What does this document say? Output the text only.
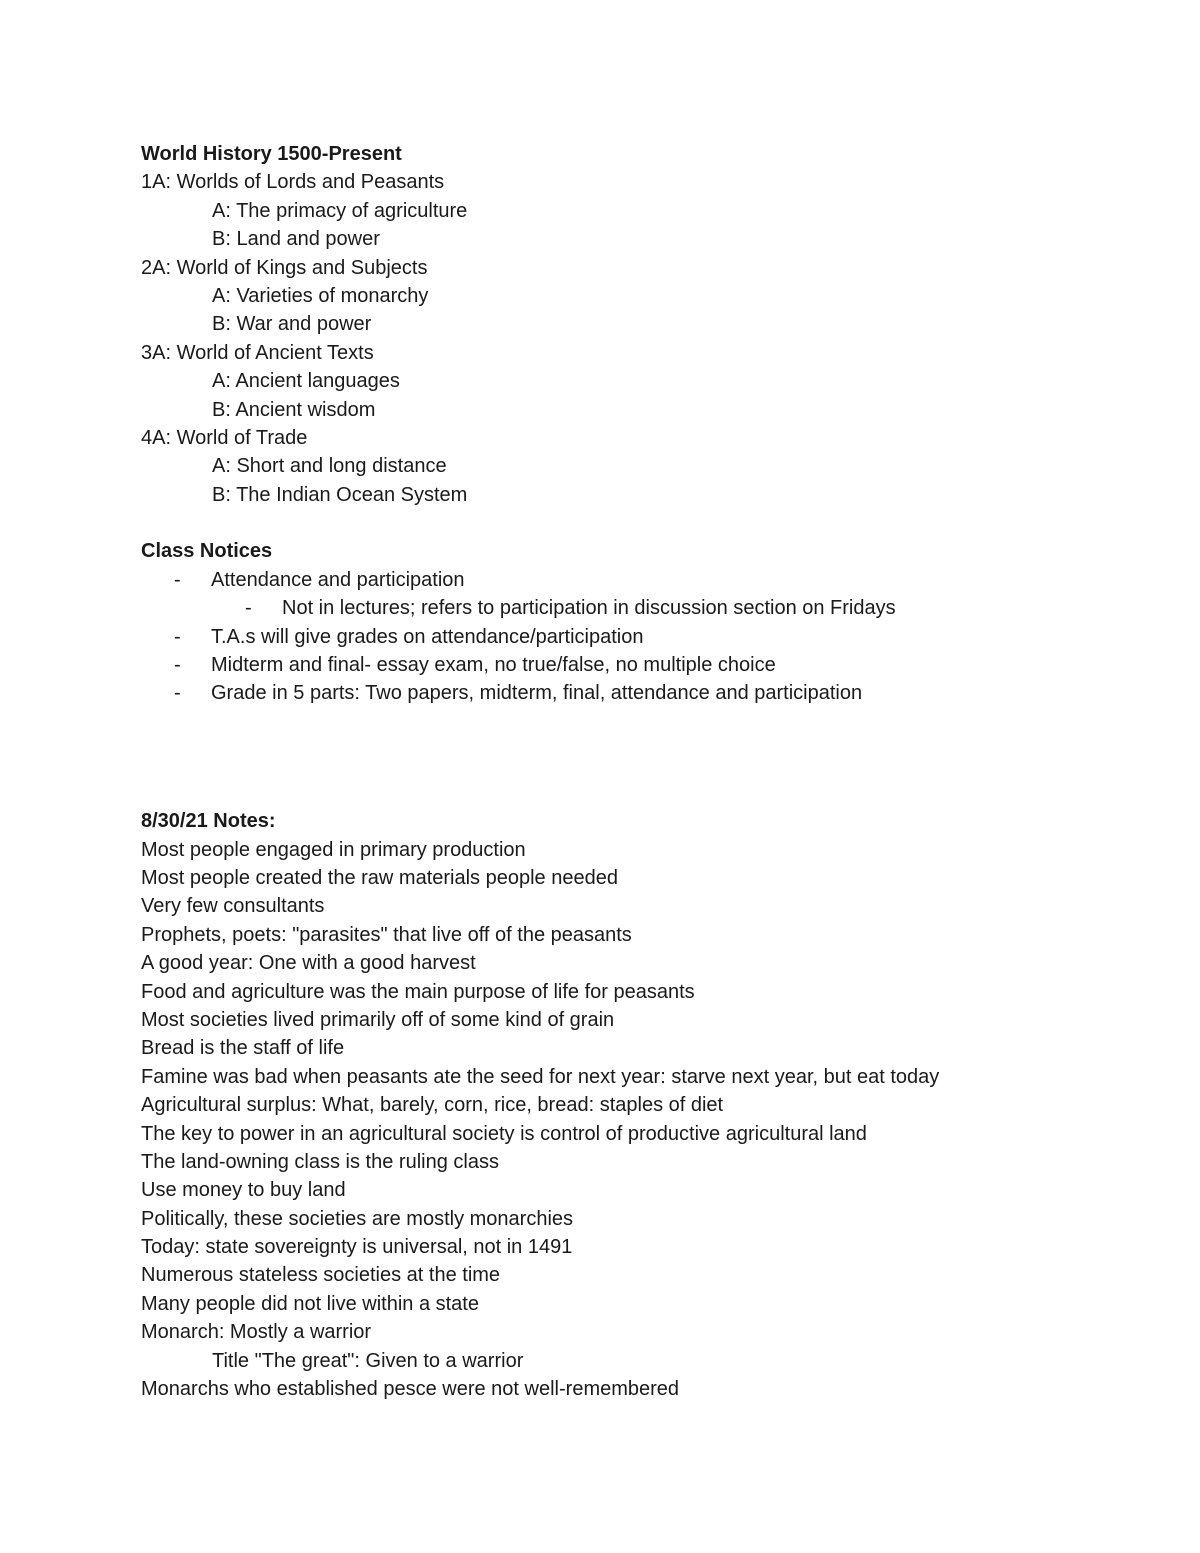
World History 1500-Present
1A: Worlds of Lords and Peasants
A: The primacy of agriculture
B: Land and power
2A: World of Kings and Subjects
A: Varieties of monarchy
B: War and power
3A: World of Ancient Texts
A: Ancient languages
B: Ancient wisdom
4A: World of Trade
A: Short and long distance
B: The Indian Ocean System
Class Notices
-	Attendance and participation
-	Not in lectures; refers to participation in discussion section on Fridays
-	T.A.s will give grades on attendance/participation
-	Midterm and final- essay exam, no true/false, no multiple choice
-	Grade in 5 parts: Two papers, midterm, final, attendance and participation
8/30/21 Notes:
Most people engaged in primary production
Most people created the raw materials people needed
Very few consultants
Prophets, poets: "parasites" that live off of the peasants
A good year: One with a good harvest
Food and agriculture was the main purpose of life for peasants
Most societies lived primarily off of some kind of grain
Bread is the staff of life
Famine was bad when peasants ate the seed for next year: starve next year, but eat today
Agricultural surplus: What, barely, corn, rice, bread: staples of diet
The key to power in an agricultural society is control of productive agricultural land
The land-owning class is the ruling class
Use money to buy land
Politically, these societies are mostly monarchies
Today: state sovereignty is universal, not in 1491
Numerous stateless societies at the time
Many people did not live within a state
Monarch: Mostly a warrior
Title "The great": Given to a warrior
Monarchs who established pesce were not well-remembered
